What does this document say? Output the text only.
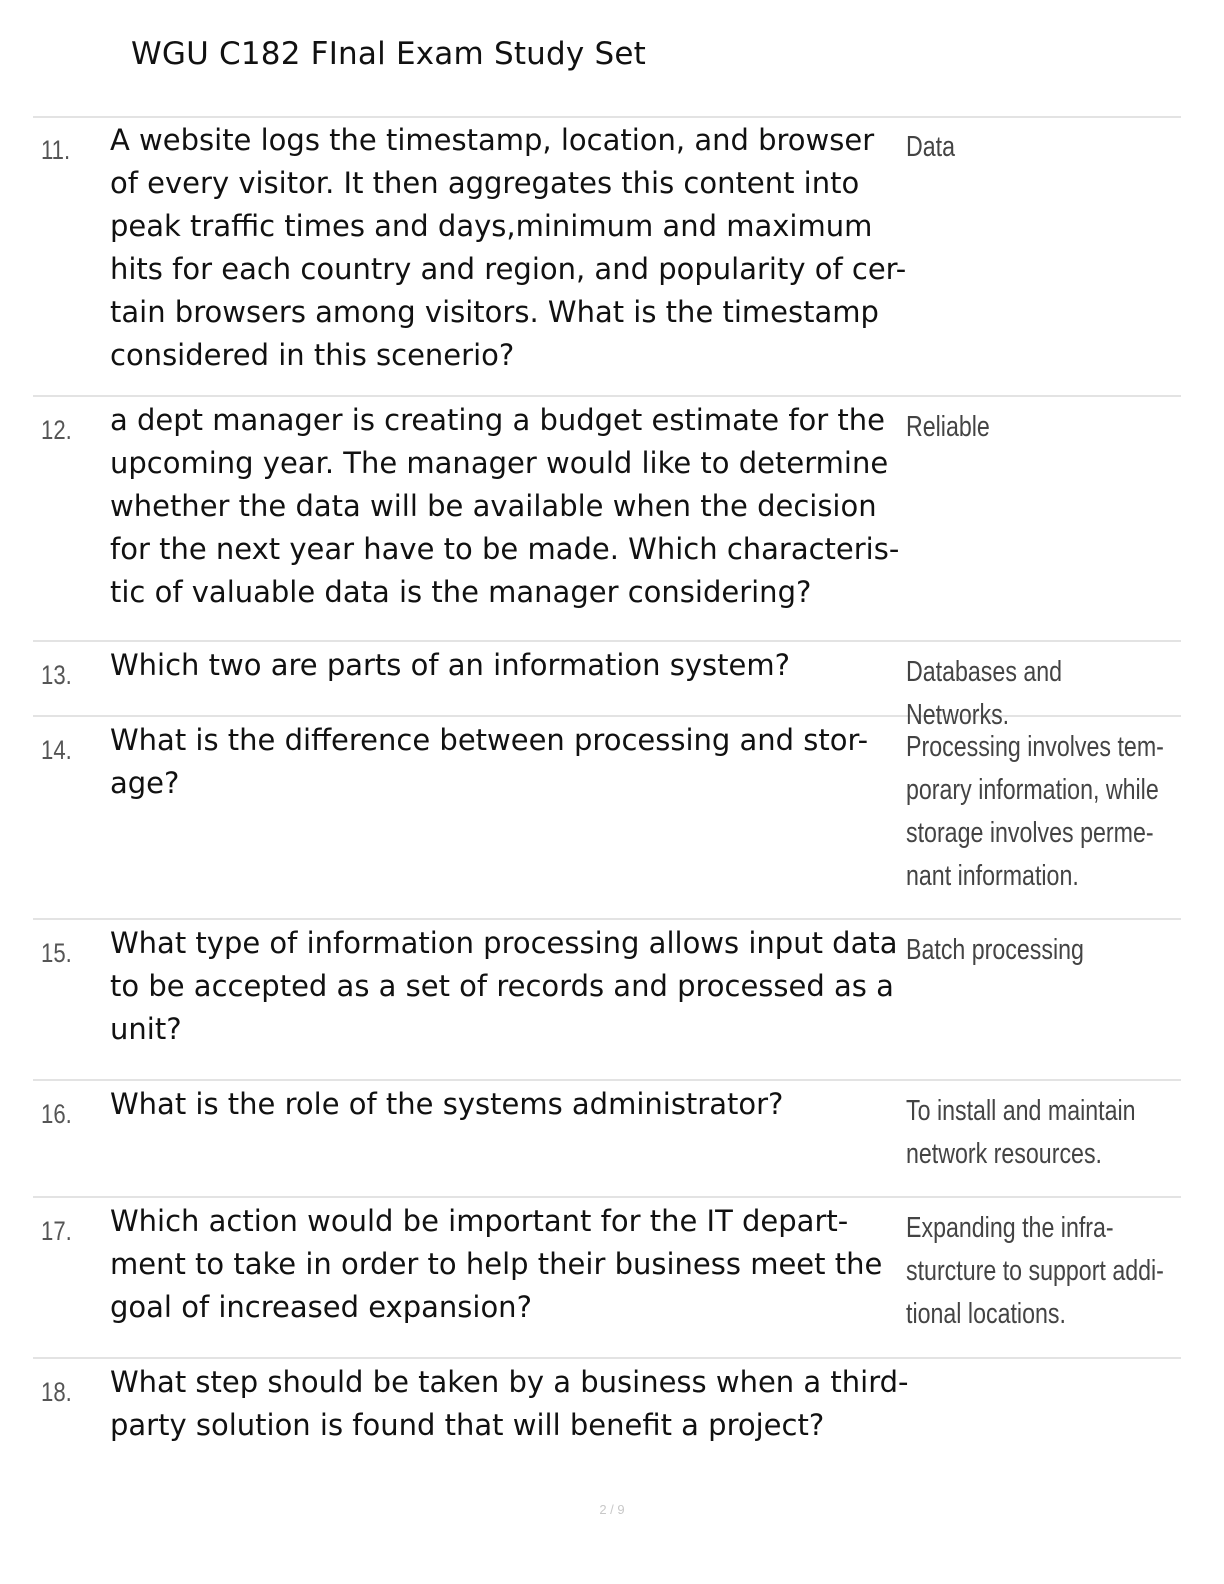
WGU C182 FInal Exam Study Set
11. A website logs the timestamp, location, and browser of every visitor. It then aggregates this content into peak traffic times and days,minimum and maximum hits for each country and region, and popularity of cer-tain browsers among visitors. What is the timestamp considered in this scenerio?
Data
12. a dept manager is creating a budget estimate for the upcoming year. The manager would like to determine whether the data will be available when the decision for the next year have to be made. Which characteris-tic of valuable data is the manager considering?
Reliable
13. Which two are parts of an information system?	Databases and Networks.
14. What is the difference between processing and stor-age?
Processing involves tem-porary information, while storage involves perme-nant information.
15. What type of information processing allows input data to be accepted as a set of records and processed as a unit?
Batch processing
16. What is the role of the systems administrator?	To install and maintain network resources.
17. Which action would be important for the IT depart-ment to take in order to help their business meet the goal of increased expansion?
Expanding the infra-sturcture to support addi-tional locations.
18. What step should be taken by a business when a third-party solution is found that will benefit a project?
2 / 9
